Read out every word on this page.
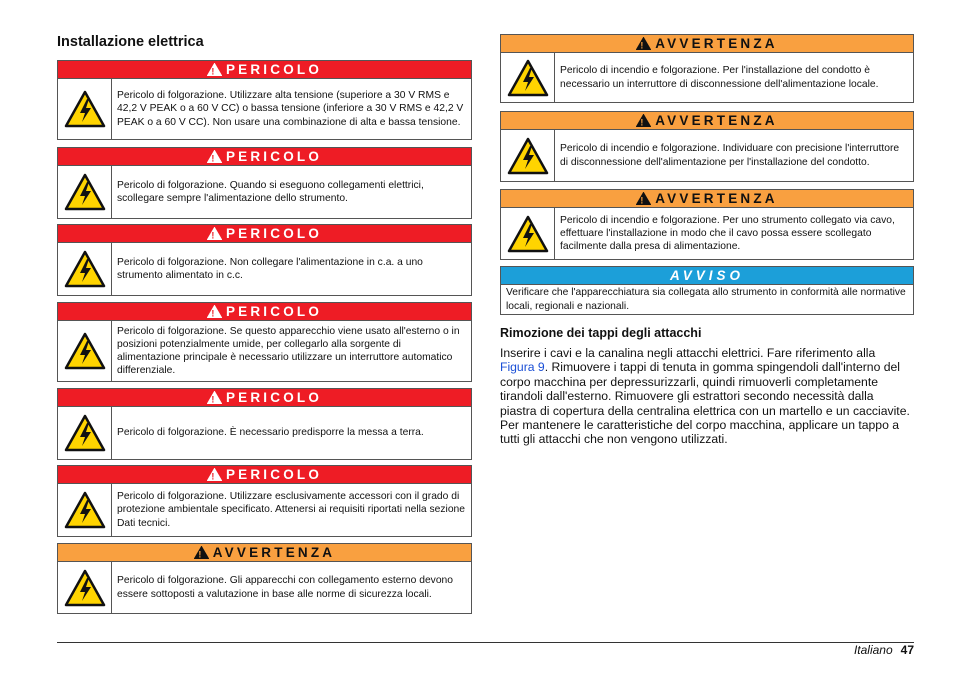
Installazione elettrica
! PERICOLO
Pericolo di folgorazione. Utilizzare alta tensione (superiore a 30 V RMS e 42,2 V PEAK o a 60 V CC) o bassa tensione (inferiore a 30 V RMS e 42,2 V PEAK o a 60 V CC). Non usare una combinazione di alta e bassa tensione.
! PERICOLO
Pericolo di folgorazione. Quando si eseguono collegamenti elettrici, scollegare sempre l'alimentazione dello strumento.
! PERICOLO
Pericolo di folgorazione. Non collegare l'alimentazione in c.a. a uno strumento alimentato in c.c.
! PERICOLO
Pericolo di folgorazione. Se questo apparecchio viene usato all'esterno o in posizioni potenzialmente umide, per collegarlo alla sorgente di alimentazione principale è necessario utilizzare un interruttore automatico differenziale.
! PERICOLO
Pericolo di folgorazione. È necessario predisporre la messa a terra.
! PERICOLO
Pericolo di folgorazione. Utilizzare esclusivamente accessori con il grado di protezione ambientale specificato. Attenersi ai requisiti riportati nella sezione Dati tecnici.
! AVVERTENZA
Pericolo di folgorazione. Gli apparecchi con collegamento esterno devono essere sottoposti a valutazione in base alle norme di sicurezza locali.
! AVVERTENZA
Pericolo di incendio e folgorazione. Per l'installazione del condotto è necessario un interruttore di disconnessione dell'alimentazione locale.
! AVVERTENZA
Pericolo di incendio e folgorazione. Individuare con precisione l'interruttore di disconnessione dell'alimentazione per l'installazione del condotto.
! AVVERTENZA
Pericolo di incendio e folgorazione. Per uno strumento collegato via cavo, effettuare l'installazione in modo che il cavo possa essere scollegato facilmente dalla presa di alimentazione.
AVVISO
Verificare che l'apparecchiatura sia collegata allo strumento in conformità alle normative locali, regionali e nazionali.
Rimozione dei tappi degli attacchi

Inserire i cavi e la canalina negli attacchi elettrici. Fare riferimento alla Figura 9. Rimuovere i tappi di tenuta in gomma spingendoli dall'interno del corpo macchina per depressurizzarli, quindi rimuoverli completamente tirandoli dall'esterno. Rimuovere gli estrattori secondo necessità dalla piastra di copertura della centralina elettrica con un martello e un cacciavite. Per mantenere le caratteristiche del corpo macchina, applicare un tappo a tutti gli attacchi che non vengono utilizzati.

Italiano 47
